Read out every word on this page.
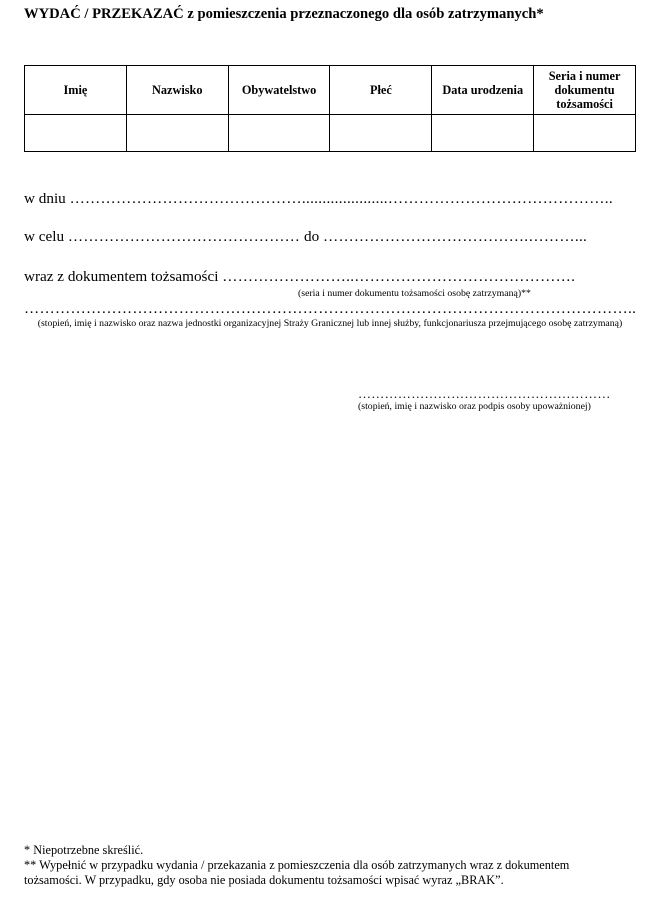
WYDAĆ / PRZEKAZAĆ z pomieszczenia przeznaczonego dla osób zatrzymanych*
Imię	Nazwisko	Obywatelstwo	Płeć	Data urodzenia	Seria i numer dokumentu tożsamości

w dniu ……………………………………….....................……………………………………..
w celu ……………………………………… do ………………………………….………...
wraz z dokumentem tożsamości ……………………..…………………………………….
(seria i numer dokumentu tożsamości osobę zatrzymaną)**
………………………………………………………………………………………………………..
(stopień, imię i nazwisko oraz nazwa jednostki organizacyjnej Straży Granicznej lub innej służby, funkcjonariusza przejmującego osobę zatrzymaną)
…………………………………………………
(stopień, imię i nazwisko oraz podpis osoby upoważnionej)
* Niepotrzebne skreślić.
** Wypełnić w przypadku wydania / przekazania z pomieszczenia dla osób zatrzymanych wraz z dokumentem
tożsamości. W przypadku, gdy osoba nie posiada dokumentu tożsamości wpisać wyraz „BRAK”.
